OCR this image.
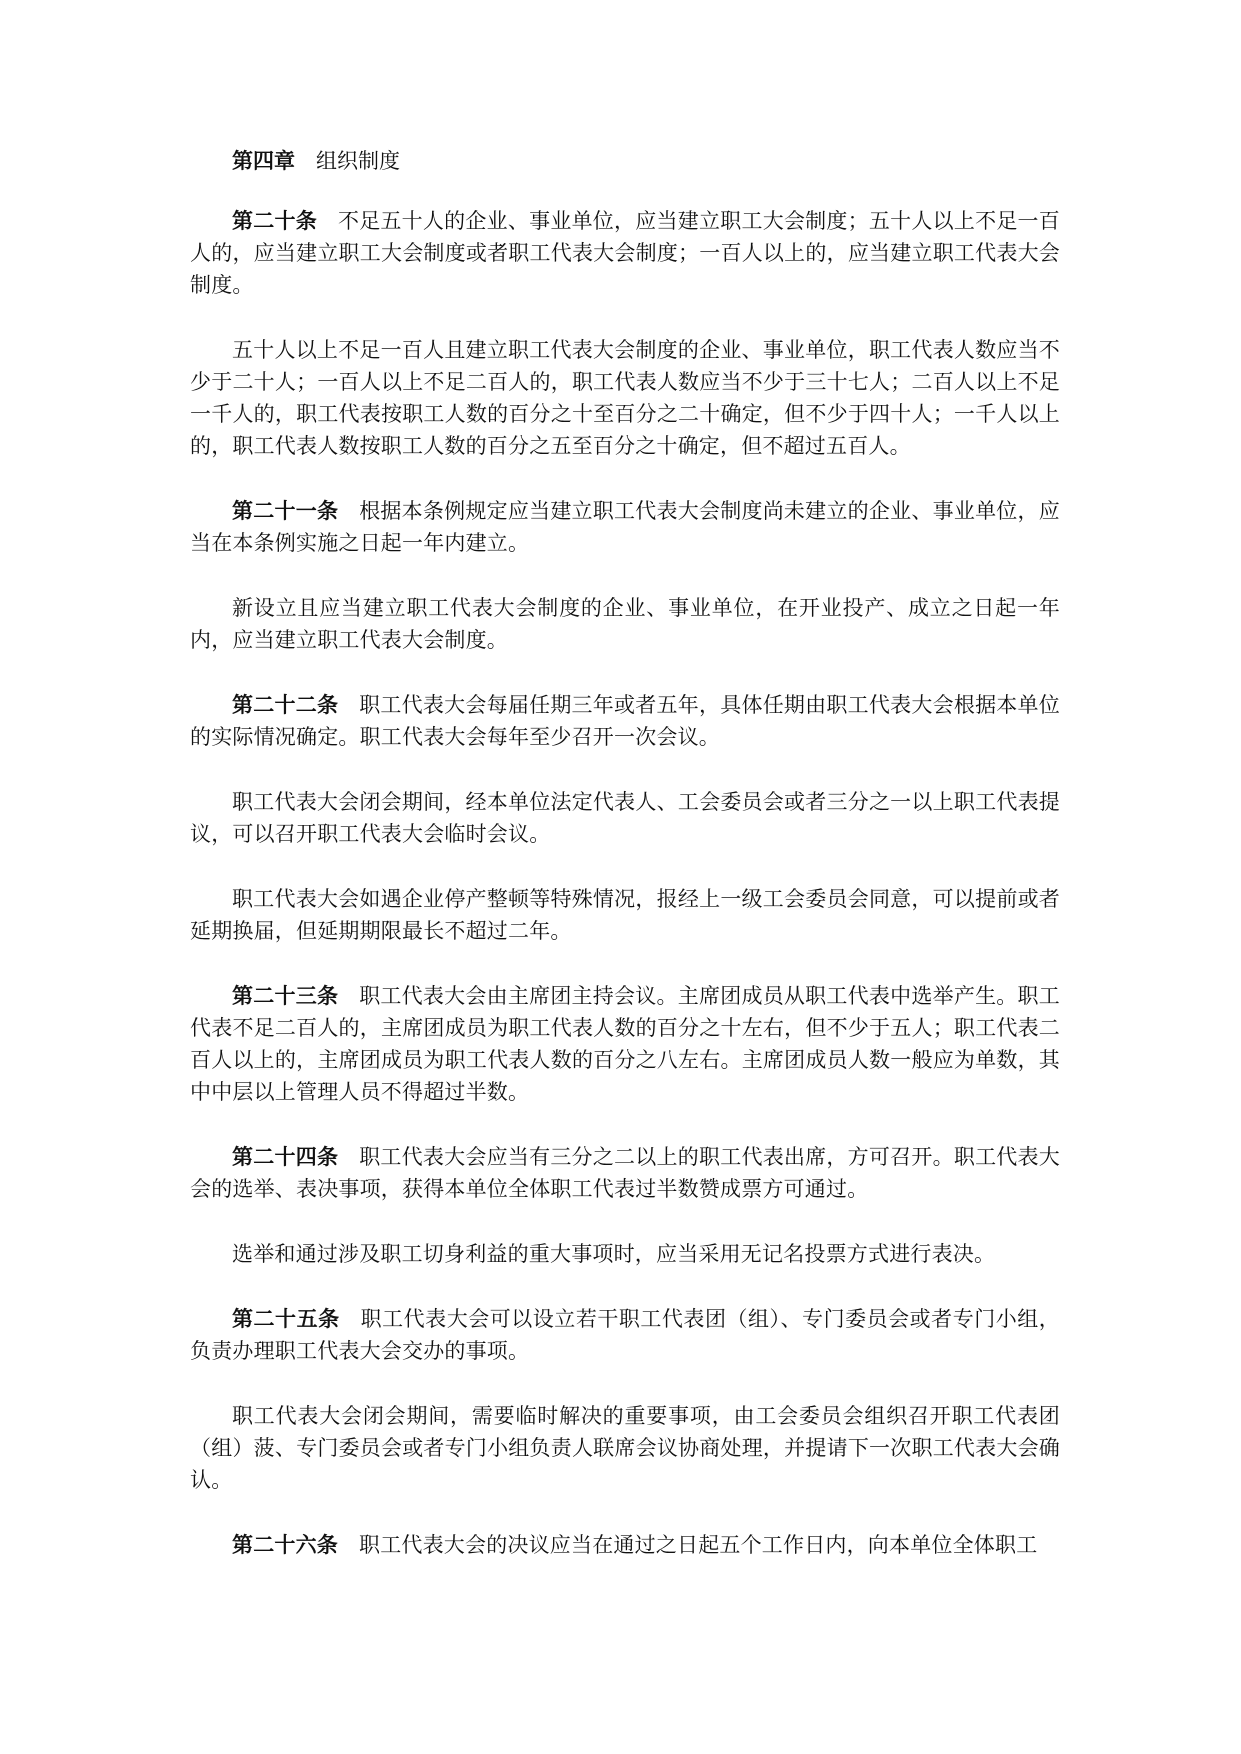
第四章 组织制度

第二十条 不足五十人的企业、事业单位，应当建立职工大会制度；五十人以上不足一百人的，应当建立职工大会制度或者职工代表大会制度；一百人以上的，应当建立职工代表大会制度。

五十人以上不足一百人且建立职工代表大会制度的企业、事业单位，职工代表人数应当不少于二十人；一百人以上不足二百人的，职工代表人数应当不少于三十七人；二百人以上不足一千人的，职工代表按职工人数的百分之十至百分之二十确定，但不少于四十人；一千人以上的，职工代表人数按职工人数的百分之五至百分之十确定，但不超过五百人。

第二十一条 根据本条例规定应当建立职工代表大会制度尚未建立的企业、事业单位，应当在本条例实施之日起一年内建立。

新设立且应当建立职工代表大会制度的企业、事业单位，在开业投产、成立之日起一年内，应当建立职工代表大会制度。

第二十二条 职工代表大会每届任期三年或者五年，具体任期由职工代表大会根据本单位的实际情况确定。职工代表大会每年至少召开一次会议。

职工代表大会闭会期间，经本单位法定代表人、工会委员会或者三分之一以上职工代表提议，可以召开职工代表大会临时会议。

职工代表大会如遇企业停产整顿等特殊情况，报经上一级工会委员会同意，可以提前或者延期换届，但延期期限最长不超过二年。

第二十三条 职工代表大会由主席团主持会议。主席团成员从职工代表中选举产生。职工代表不足二百人的，主席团成员为职工代表人数的百分之十左右，但不少于五人；职工代表二百人以上的，主席团成员为职工代表人数的百分之八左右。主席团成员人数一般应为单数，其中中层以上管理人员不得超过半数。

第二十四条 职工代表大会应当有三分之二以上的职工代表出席，方可召开。职工代表大会的选举、表决事项，获得本单位全体职工代表过半数赞成票方可通过。

选举和通过涉及职工切身利益的重大事项时，应当采用无记名投票方式进行表决。

第二十五条 职工代表大会可以设立若干职工代表团（组）、专门委员会或者专门小组，负责办理职工代表大会交办的事项。

职工代表大会闭会期间，需要临时解决的重要事项，由工会委员会组织召开职工代表团（组）菠、专门委员会或者专门小组负责人联席会议协商处理，并提请下一次职工代表大会确认。

第二十六条 职工代表大会的决议应当在通过之日起五个工作日内，向本单位全体职工
